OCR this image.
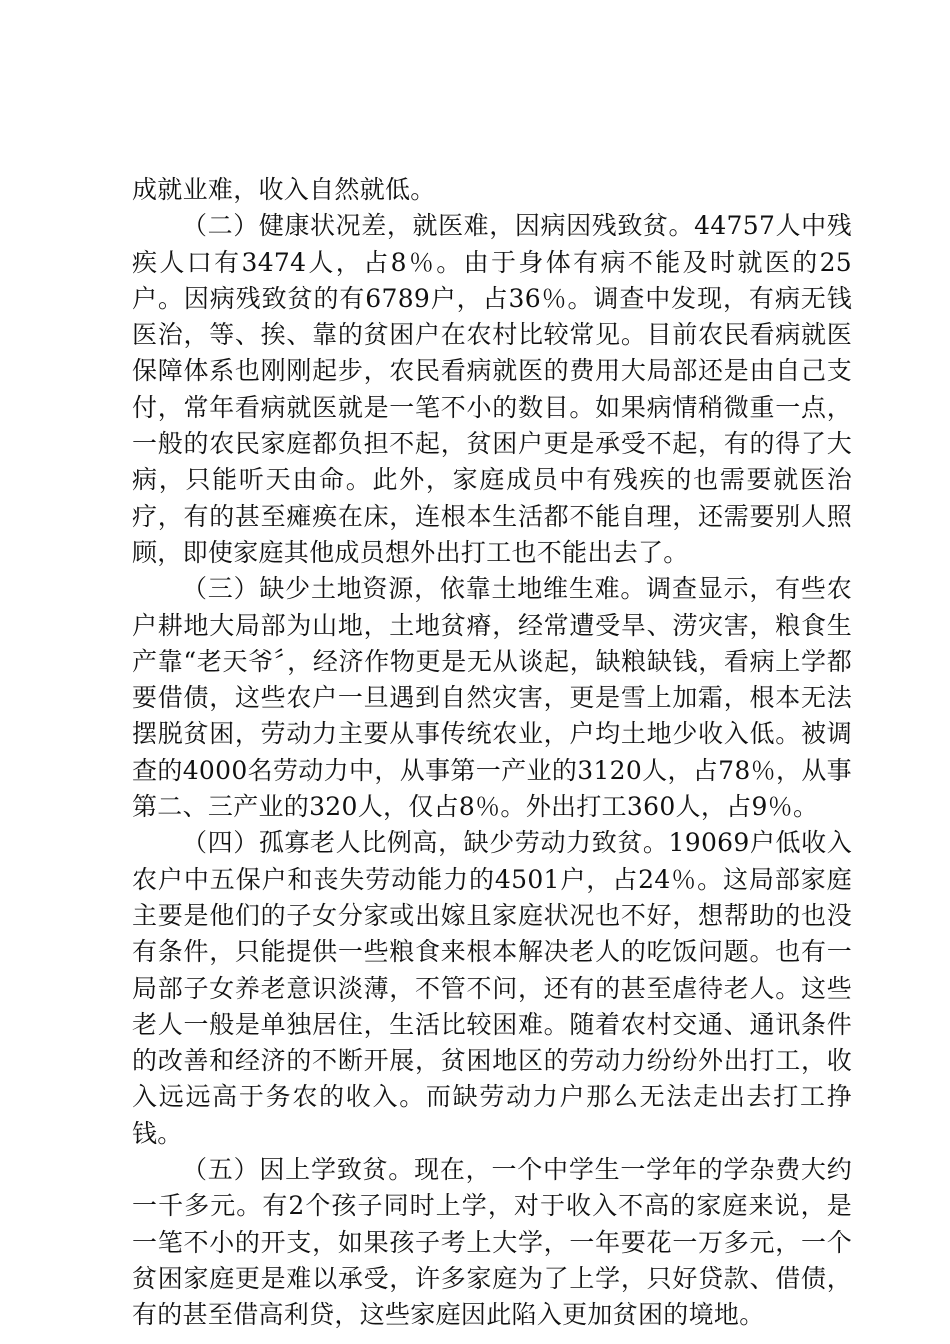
成就业难，收入自然就低。

（二）健康状况差，就医难，因病因残致贫。44757人中残疾人口有3474人，占8％。由于身体有病不能及时就医的25户。因病残致贫的有6789户，占36％。调查中发现，有病无钱医治，等、挨、靠的贫困户在农村比较常见。目前农民看病就医保障体系也刚刚起步，农民看病就医的费用大局部还是由自己支付，常年看病就医就是一笔不小的数目。如果病情稍微重一点，一般的农民家庭都负担不起，贫困户更是承受不起，有的得了大病，只能听天由命。此外，家庭成员中有残疾的也需要就医治疗，有的甚至瘫痪在床，连根本生活都不能自理，还需要别人照顾，即使家庭其他成员想外出打工也不能出去了。

（三）缺少土地资源，依靠土地维生难。调查显示，有些农户耕地大局部为山地，土地贫瘠，经常遭受旱、涝灾害，粮食生产靠“老天爷〞，经济作物更是无从谈起，缺粮缺钱，看病上学都要借债，这些农户一旦遇到自然灾害，更是雪上加霜，根本无法摆脱贫困，劳动力主要从事传统农业，户均土地少收入低。被调查的4000名劳动力中，从事第一产业的3120人，占78％，从事第二、三产业的320人，仅占8％。外出打工360人，占9％。

（四）孤寡老人比例高，缺少劳动力致贫。19069户低收入农户中五保户和丧失劳动能力的4501户，占24％。这局部家庭主要是他们的子女分家或出嫁且家庭状况也不好，想帮助的也没有条件，只能提供一些粮食来根本解决老人的吃饭问题。也有一局部子女养老意识淡薄，不管不问，还有的甚至虐待老人。这些老人一般是单独居住，生活比较困难。随着农村交通、通讯条件的改善和经济的不断开展，贫困地区的劳动力纷纷外出打工，收入远远高于务农的收入。而缺劳动力户那么无法走出去打工挣钱。

（五）因上学致贫。现在，一个中学生一学年的学杂费大约一千多元。有2个孩子同时上学，对于收入不高的家庭来说，是一笔不小的开支，如果孩子考上大学，一年要花一万多元，一个贫困家庭更是难以承受，许多家庭为了上学，只好贷款、借债，有的甚至借高利贷，这些家庭因此陷入更加贫困的境地。
